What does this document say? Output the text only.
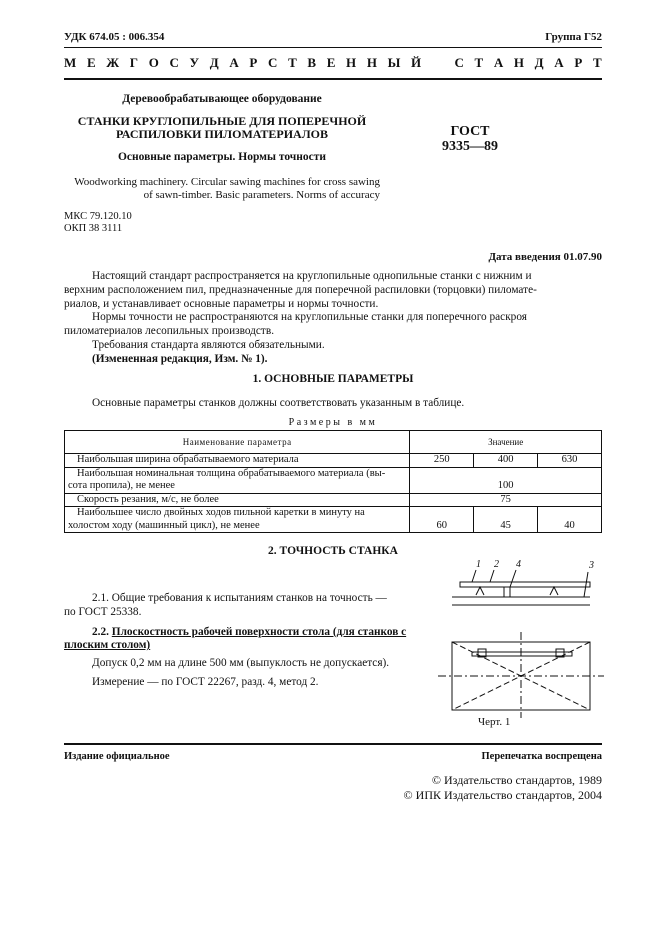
УДК 674.05 : 006.354	Группа Г52
М Е Ж Г О С У Д А Р С Т В Е Н Н Ы Й	С Т А Н Д А Р Т
Деревообрабатывающее оборудование
СТАНКИ КРУГЛОПИЛЬНЫЕ ДЛЯ ПОПЕРЕЧНОЙ
РАСПИЛОВКИ ПИЛОМАТЕРИАЛОВ
Основные параметры. Нормы точности
Woodworking machinery. Circular sawing machines for cross sawing
of sawn-timber. Basic parameters. Norms of accuracy
ГОСТ
9335—89
МКС 79.120.10
ОКП 38 3111
Дата введения 01.07.90
Настоящий стандарт распространяется на круглопильные однопильные станки с нижним и
верхним расположением пил, предназначенные для поперечной распиловки (торцовки) пиломате-
риалов, и устанавливает основные параметры и нормы точности.
Нормы точности не распространяются на круглопильные станки для поперечного раскроя
пиломатериалов лесопильных производств.
Требования стандарта являются обязательными.
(Измененная редакция, Изм. № 1).
1. ОСНОВНЫЕ ПАРАМЕТРЫ
Основные параметры станков должны соответствовать указанным в таблице.
Размеры в мм
Наименование параметра	Значение		
Наибольшая ширина обрабатываемого материала	250	400	630

Наибольшая номинальная толщина обрабатываемого материала (вы-
сота пропила), не менее	100		
Скорость резания, м/с, не более	75		

Наибольшее число двойных ходов пильной каретки в минуту на
холостом ходу (машинный цикл), не менее	60	45	40
2. ТОЧНОСТЬ СТАНКА
2.1. Общие требования к испытаниям станков на точность —
по ГОСТ 25338.
2.2. Плоскостность рабочей поверхности стола (для станков с
плоским столом)
Допуск 0,2 мм на длине 500 мм (выпуклость не допускается).
Измерение — по ГОСТ 22267, разд. 4, метод 2.
1 2 4	3
Черт. 1
Издание официальное	Перепечатка воспрещена
© Издательство стандартов, 1989
© ИПК Издательство стандартов, 2004
